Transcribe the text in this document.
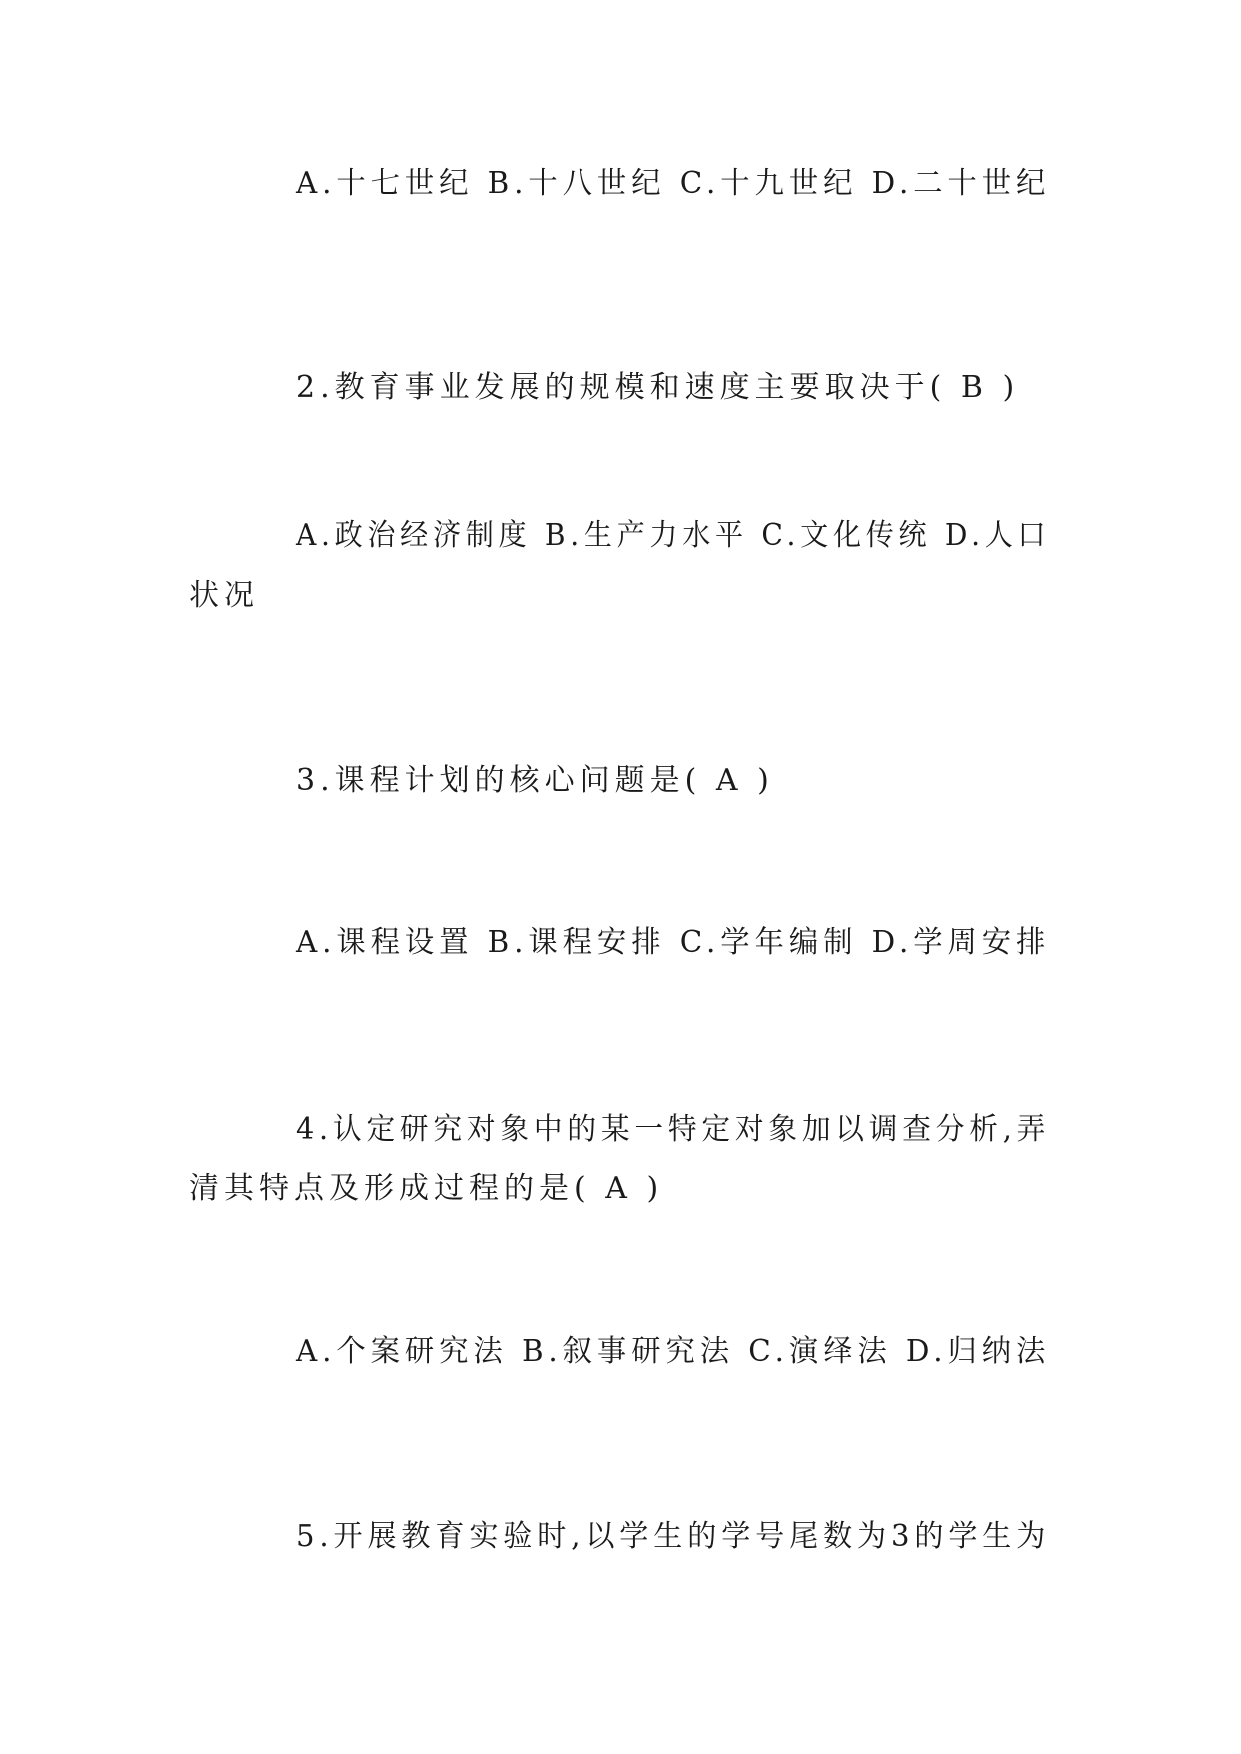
A.十七世纪 B.十八世纪 C.十九世纪 D.二十世纪
2.教育事业发展的规模和速度主要取决于( B )
A.政治经济制度 B.生产力水平 C.文化传统 D.人口
状况
3.课程计划的核心问题是( A )
A.课程设置 B.课程安排 C.学年编制 D.学周安排
4.认定研究对象中的某一特定对象加以调查分析,弄
清其特点及形成过程的是( A )
A.个案研究法 B.叙事研究法 C.演绎法 D.归纳法
5.开展教育实验时,以学生的学号尾数为3的学生为
